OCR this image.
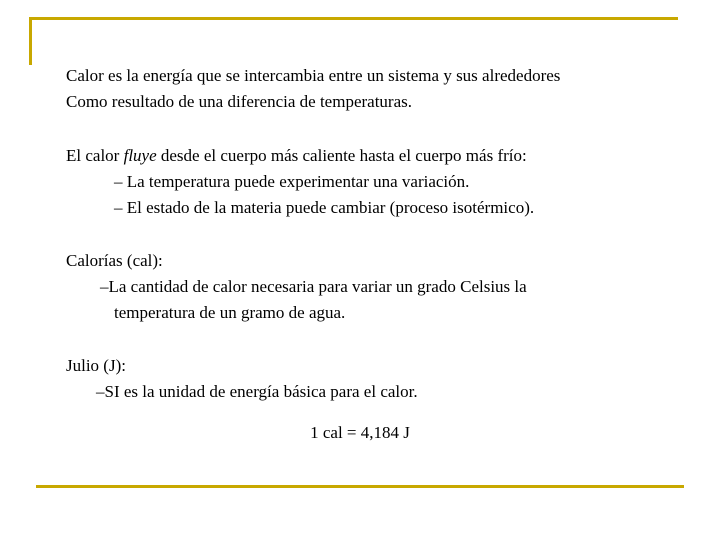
Calor es la energía que se intercambia entre un sistema y sus alrededores
Como resultado de una diferencia de temperaturas.
El calor fluye desde el cuerpo más caliente hasta el cuerpo más frío:
– La temperatura puede experimentar una variación.
– El estado de la materia puede cambiar (proceso isotérmico).
Calorías (cal):
–La cantidad de calor necesaria para variar un grado Celsius la
temperatura de un gramo de agua.
Julio (J):
–SI es la unidad de energía básica para el calor.
1 cal = 4,184 J
